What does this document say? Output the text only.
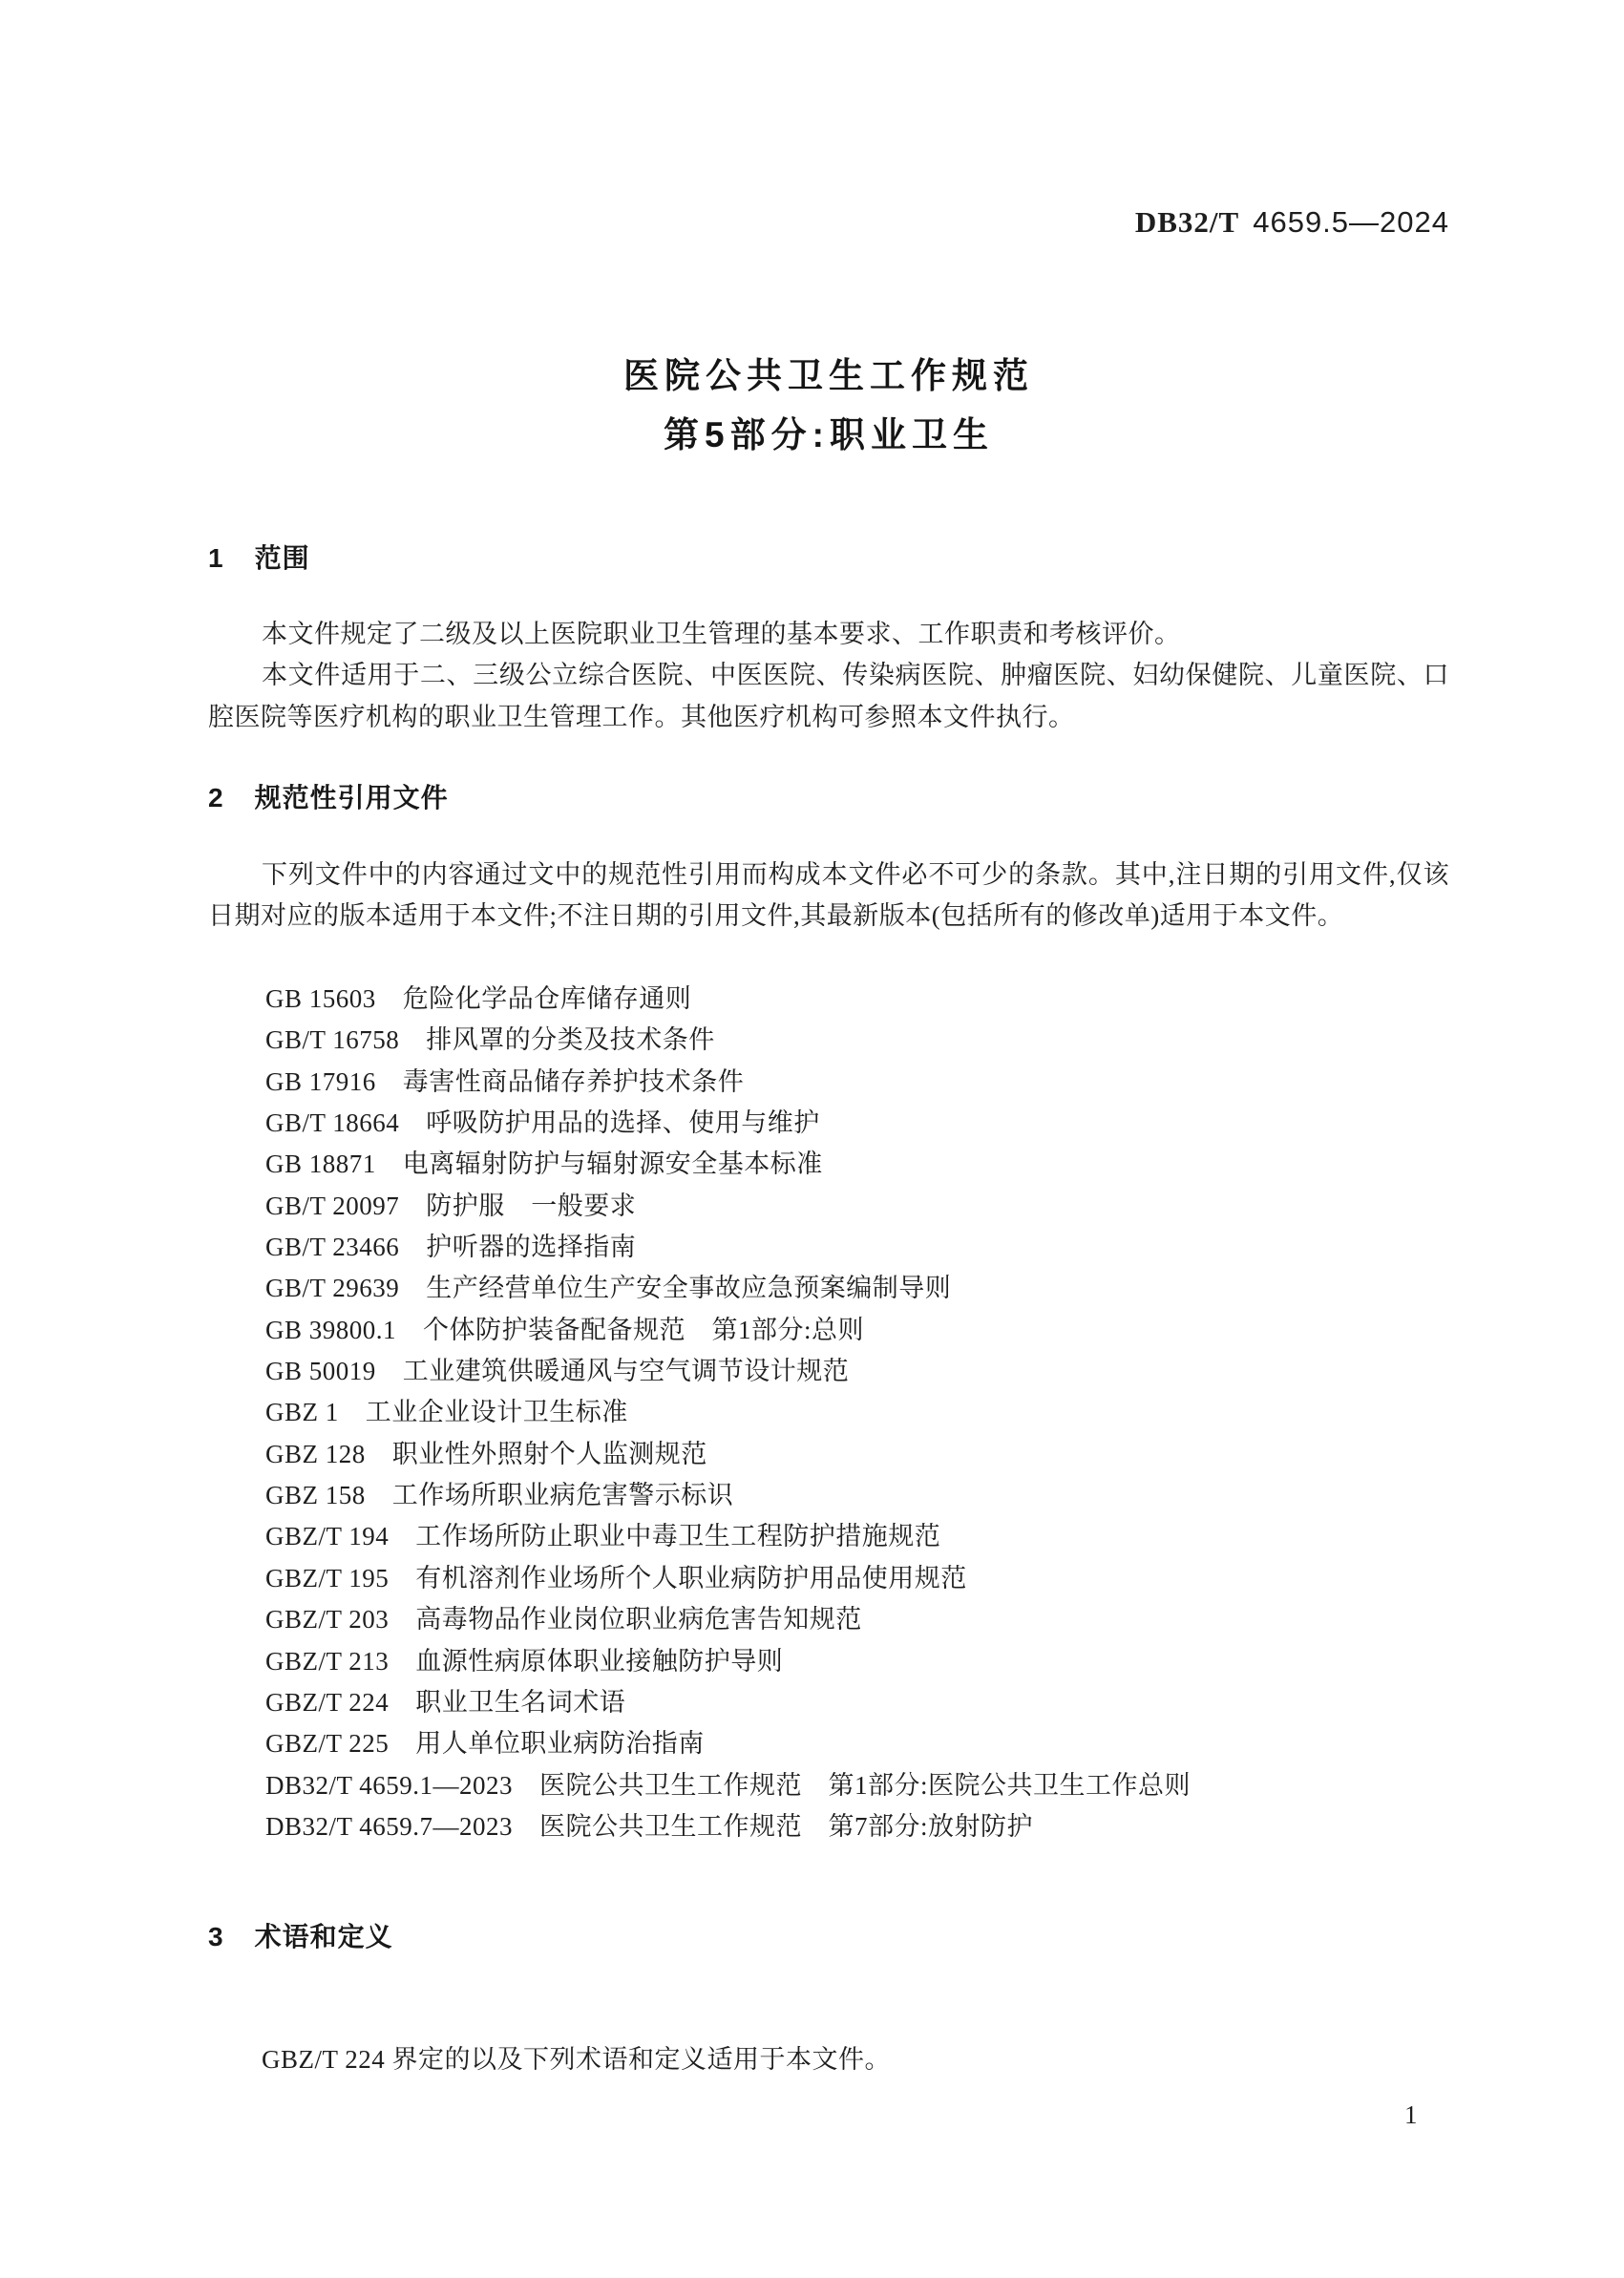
DB32/T 4659.5—2024
医院公共卫生工作规范
第5部分:职业卫生
1 范围

本文件规定了二级及以上医院职业卫生管理的基本要求、工作职责和考核评价。

本文件适用于二、三级公立综合医院、中医医院、传染病医院、肿瘤医院、妇幼保健院、儿童医院、口腔医院等医疗机构的职业卫生管理工作。其他医疗机构可参照本文件执行。

2 规范性引用文件

下列文件中的内容通过文中的规范性引用而构成本文件必不可少的条款。其中,注日期的引用文件,仅该日期对应的版本适用于本文件;不注日期的引用文件,其最新版本(包括所有的修改单)适用于本文件。

GB 15603 危险化学品仓库储存通则
GB/T 16758 排风罩的分类及技术条件
GB 17916 毒害性商品储存养护技术条件
GB/T 18664 呼吸防护用品的选择、使用与维护
GB 18871 电离辐射防护与辐射源安全基本标准
GB/T 20097 防护服　一般要求
GB/T 23466 护听器的选择指南
GB/T 29639 生产经营单位生产安全事故应急预案编制导则
GB 39800.1 个体防护装备配备规范　第1部分:总则
GB 50019 工业建筑供暖通风与空气调节设计规范
GBZ 1 工业企业设计卫生标准
GBZ 128 职业性外照射个人监测规范
GBZ 158 工作场所职业病危害警示标识
GBZ/T 194 工作场所防止职业中毒卫生工程防护措施规范
GBZ/T 195 有机溶剂作业场所个人职业病防护用品使用规范
GBZ/T 203 高毒物品作业岗位职业病危害告知规范
GBZ/T 213 血源性病原体职业接触防护导则
GBZ/T 224 职业卫生名词术语
GBZ/T 225 用人单位职业病防治指南
DB32/T 4659.1—2023 医院公共卫生工作规范　第1部分:医院公共卫生工作总则
DB32/T 4659.7—2023 医院公共卫生工作规范　第7部分:放射防护
3 术语和定义

GBZ/T 224 界定的以及下列术语和定义适用于本文件。

1
